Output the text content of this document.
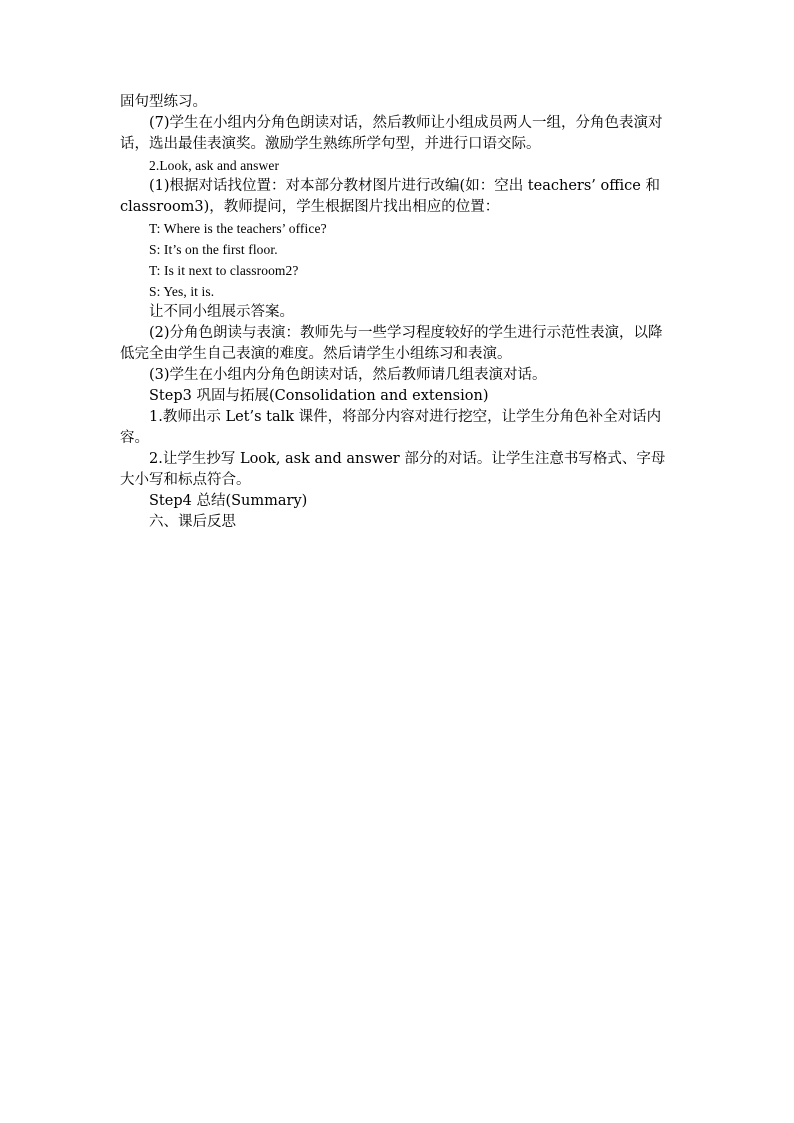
固句型练习。

(7)学生在小组内分角色朗读对话，然后教师让小组成员两人一组，分角色表演对话，选出最佳表演奖。激励学生熟练所学句型，并进行口语交际。

2.Look, ask and answer

(1)根据对话找位置：对本部分教材图片进行改编(如：空出 teachers’ office 和 classroom3)，教师提问，学生根据图片找出相应的位置：

T: Where is the teachers’ office?

S: It’s on the first floor.

T: Is it next to classroom2?

S: Yes, it is.

让不同小组展示答案。

(2)分角色朗读与表演：教师先与一些学习程度较好的学生进行示范性表演，以降低完全由学生自己表演的难度。然后请学生小组练习和表演。

(3)学生在小组内分角色朗读对话，然后教师请几组表演对话。

Step3 巩固与拓展(Consolidation and extension)

1.教师出示 Let’s talk 课件，将部分内容对进行挖空，让学生分角色补全对话内容。

2.让学生抄写 Look, ask and answer 部分的对话。让学生注意书写格式、字母大小写和标点符合。

Step4 总结(Summary)

六、课后反思
